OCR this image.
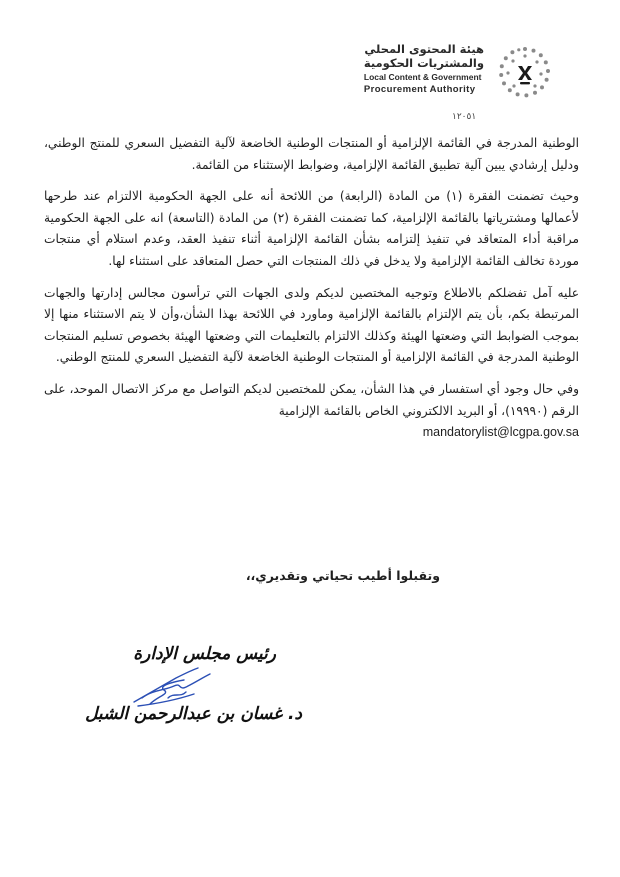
هيئة المحتوى المحلي
والمشتريات الحكومية
Local Content & Government
Procurement Authority
١٢٠٥١

الوطنية المدرجة في القائمة الإلزامية أو المنتجات الوطنية الخاضعة لآلية التفضيل السعري للمنتج الوطني، ودليل إرشادي يبين آلية تطبيق القائمة الإلزامية، وضوابط الإستثناء من القائمة.

وحيث تضمنت الفقرة (١) من المادة (الرابعة) من اللائحة أنه على الجهة الحكومية الالتزام عند طرحها لأعمالها ومشترياتها بالقائمة الإلزامية، كما تضمنت الفقرة (٢) من المادة (التاسعة) انه على الجهة الحكومية مراقبة أداء المتعاقد في تنفيذ إلتزامه بشأن القائمة الإلزامية أثناء تنفيذ العقد، وعدم استلام أي منتجات موردة تخالف القائمة الإلزامية ولا يدخل في ذلك المنتجات التي حصل المتعاقد على استثناء لها.

عليه آمل تفضلكم بالاطلاع وتوجيه المختصين لديكم ولدى الجهات التي ترأسون مجالس إدارتها والجهات المرتبطة بكم، بأن يتم الإلتزام بالقائمة الإلزامية وماورد في اللائحة بهذا الشأن،وأن لا يتم الاستثناء منها إلا بموجب الضوابط التي وضعتها الهيئة وكذلك الالتزام بالتعليمات التي وضعتها الهيئة بخصوص تسليم المنتجات الوطنية المدرجة في القائمة الإلزامية أو المنتجات الوطنية الخاضعة لآلية التفضيل السعري للمنتج الوطني.

وفي حال وجود أي استفسار في هذا الشأن، يمكن للمختصين لديكم التواصل مع مركز الاتصال الموحد، على الرقم (١٩٩٩٠)، أو البريد الالكتروني الخاص بالقائمة الإلزامية

mandatorylist@lcgpa.gov.sa
وتقبلوا أطيب تحياتي وتقديري،،
رئيس مجلس الإدارة
د. غسان بن عبدالرحمن الشبل
